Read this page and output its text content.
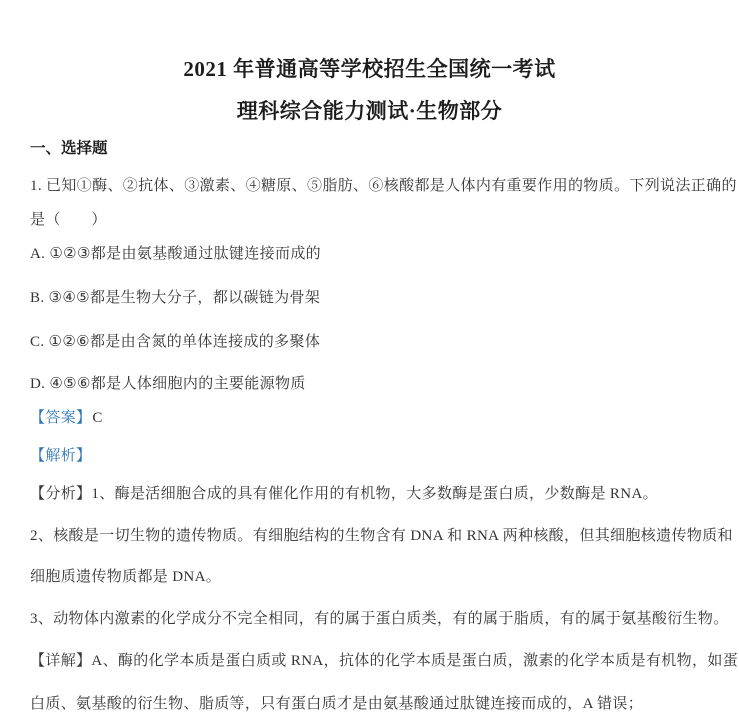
2021 年普通高等学校招生全国统一考试
理科综合能力测试·生物部分
一、选择题
1. 已知①酶、②抗体、③激素、④糖原、⑤脂肪、⑥核酸都是人体内有重要作用的物质。下列说法正确的
是（　　）
A. ①②③都是由氨基酸通过肽键连接而成的
B. ③④⑤都是生物大分子，都以碳链为骨架
C. ①②⑥都是由含氮的单体连接成的多聚体
D. ④⑤⑥都是人体细胞内的主要能源物质
【答案】C
【解析】
【分析】1、酶是活细胞合成的具有催化作用的有机物，大多数酶是蛋白质，少数酶是 RNA。
2、核酸是一切生物的遗传物质。有细胞结构的生物含有 DNA 和 RNA 两种核酸，但其细胞核遗传物质和
细胞质遗传物质都是 DNA。
3、动物体内激素的化学成分不完全相同，有的属于蛋白质类，有的属于脂质，有的属于氨基酸衍生物。
【详解】A、酶的化学本质是蛋白质或 RNA，抗体的化学本质是蛋白质，激素的化学本质是有机物，如蛋
白质、氨基酸的衍生物、脂质等，只有蛋白质才是由氨基酸通过肽键连接而成的，A 错误；
